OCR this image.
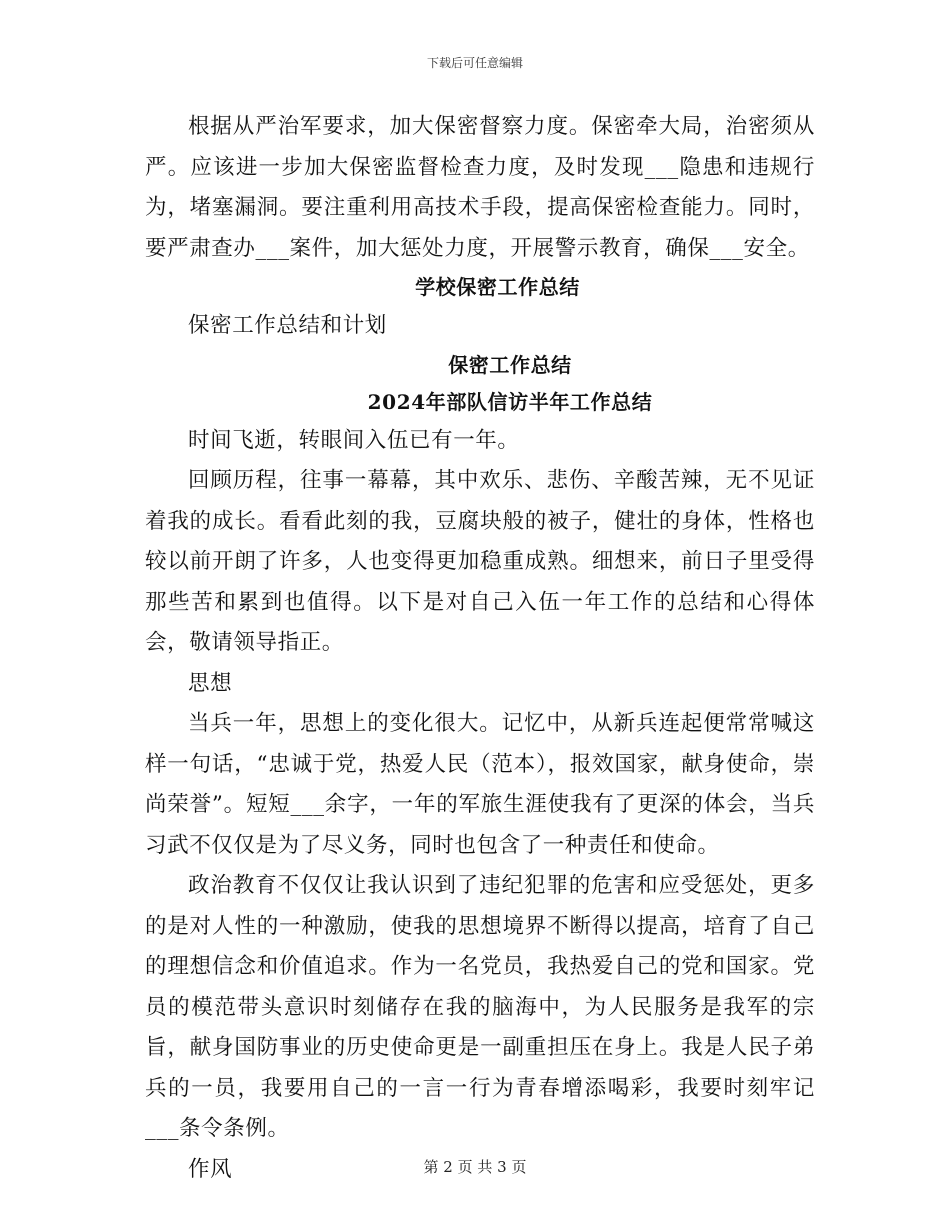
下载后可任意编辑

根据从严治军要求，加大保密督察力度。保密牵大局，治密须从严。应该进一步加大保密监督检查力度，及时发现___隐患和违规行为，堵塞漏洞。要注重利用高技术手段，提高保密检查能力。同时，要严肃查办___案件，加大惩处力度，开展警示教育，确保___安全。

学校保密工作总结

保密工作总结和计划

保密工作总结
2024年部队信访半年工作总结

时间飞逝，转眼间入伍已有一年。

回顾历程，往事一幕幕，其中欢乐、悲伤、辛酸苦辣，无不见证着我的成长。看看此刻的我，豆腐块般的被子，健壮的身体，性格也较以前开朗了许多，人也变得更加稳重成熟。细想来，前日子里受得那些苦和累到也值得。以下是对自己入伍一年工作的总结和心得体会，敬请领导指正。

思想

当兵一年，思想上的变化很大。记忆中，从新兵连起便常常喊这样一句话，“忠诚于党，热爱人民（范本），报效国家，献身使命，崇尚荣誉”。短短___余字，一年的军旅生涯使我有了更深的体会，当兵习武不仅仅是为了尽义务，同时也包含了一种责任和使命。

政治教育不仅仅让我认识到了违纪犯罪的危害和应受惩处，更多的是对人性的一种激励，使我的思想境界不断得以提高，培育了自己的理想信念和价值追求。作为一名党员，我热爱自己的党和国家。党员的模范带头意识时刻储存在我的脑海中，为人民服务是我军的宗旨，献身国防事业的历史使命更是一副重担压在身上。我是人民子弟兵的一员，我要用自己的一言一行为青春增添喝彩，我要时刻牢记___条令条例。

作风	第 2 页 共 3 页
